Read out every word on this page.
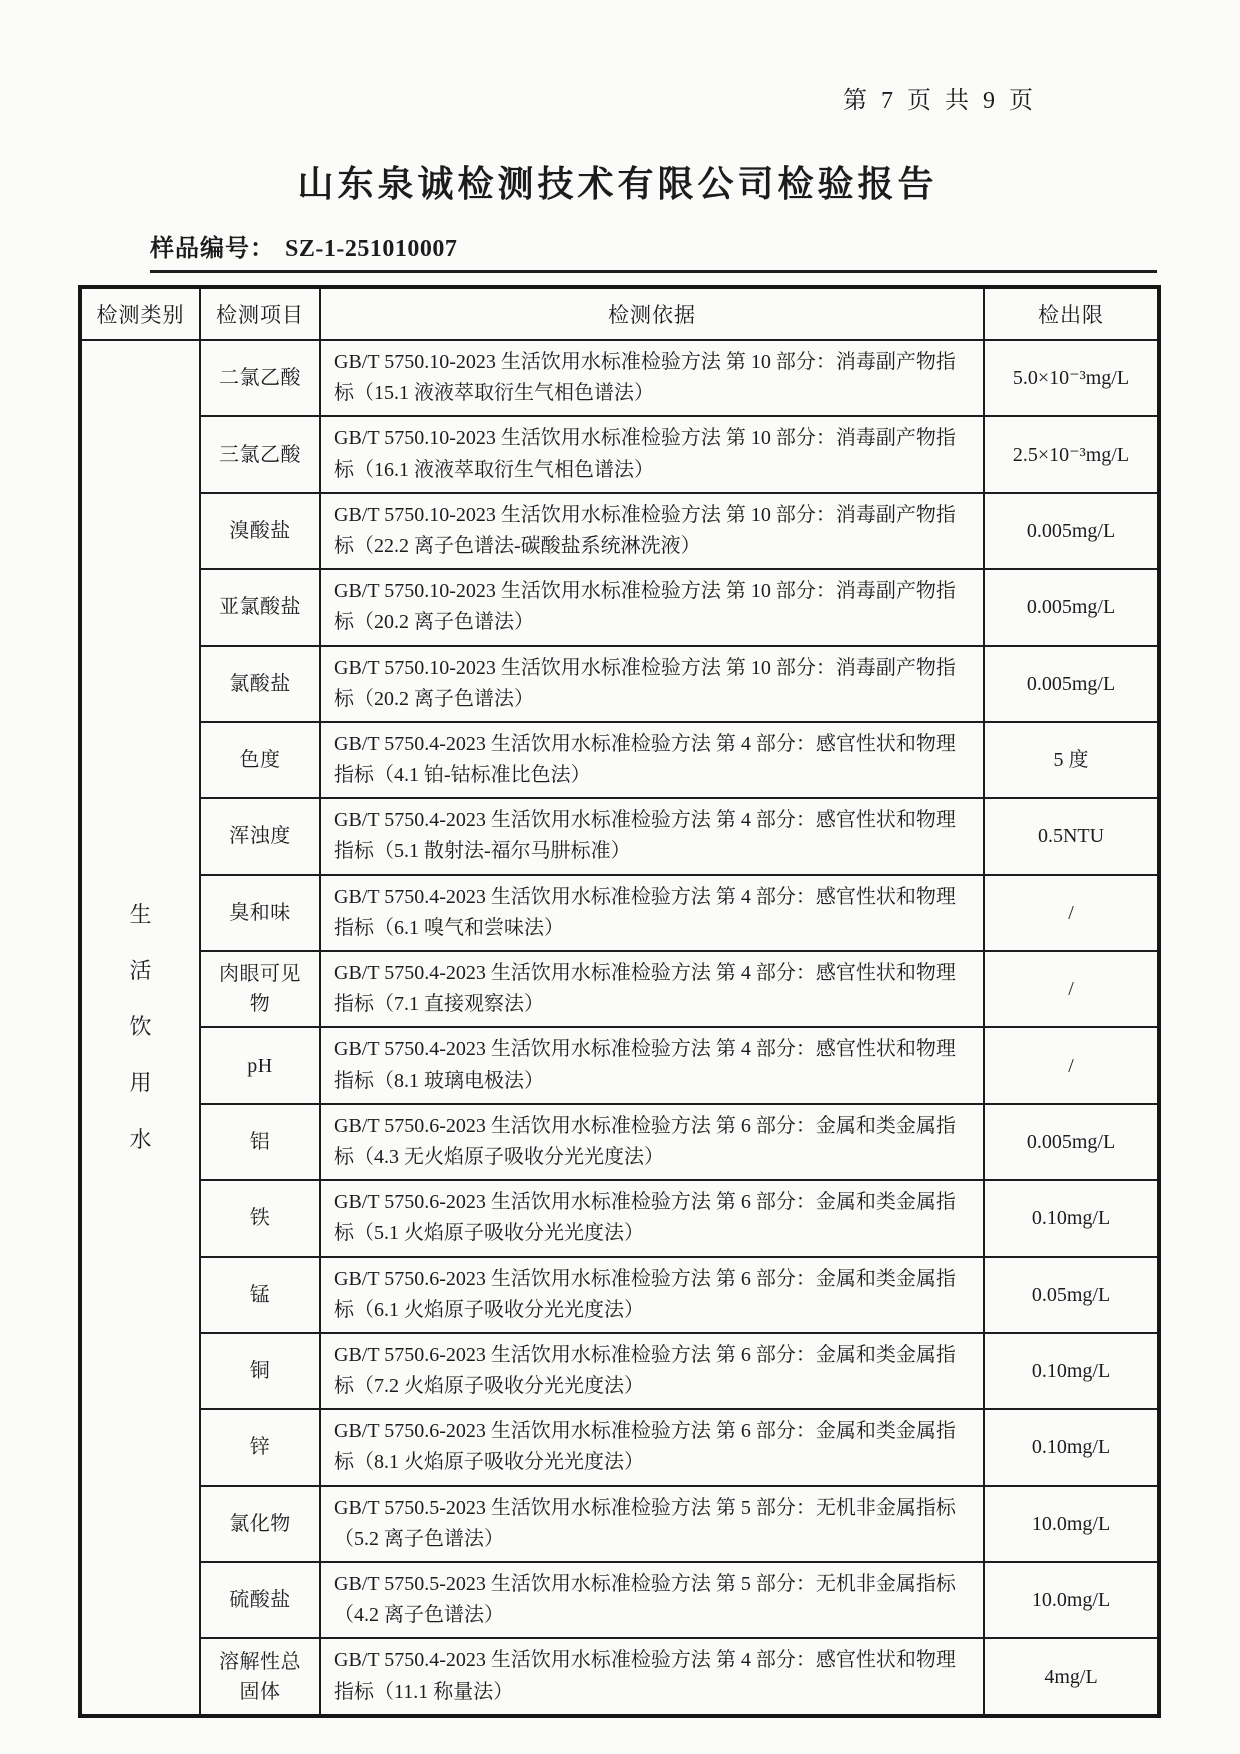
第 7 页 共 9 页
山东泉诚检测技术有限公司检验报告
样品编号： SZ-1-251010007
检测类别	检测项目	检测依据	检出限

生活饮用水	二氯乙酸	GB/T 5750.10-2023 生活饮用水标准检验方法 第 10 部分：消毒副产物指标（15.1 液液萃取衍生气相色谱法）	5.0×10⁻³mg/L
	三氯乙酸	GB/T 5750.10-2023 生活饮用水标准检验方法 第 10 部分：消毒副产物指标（16.1 液液萃取衍生气相色谱法）	2.5×10⁻³mg/L
	溴酸盐	GB/T 5750.10-2023 生活饮用水标准检验方法 第 10 部分：消毒副产物指标（22.2 离子色谱法-碳酸盐系统淋洗液）	0.005mg/L
	亚氯酸盐	GB/T 5750.10-2023 生活饮用水标准检验方法 第 10 部分：消毒副产物指标（20.2 离子色谱法）	0.005mg/L
	氯酸盐	GB/T 5750.10-2023 生活饮用水标准检验方法 第 10 部分：消毒副产物指标（20.2 离子色谱法）	0.005mg/L
	色度	GB/T 5750.4-2023 生活饮用水标准检验方法 第 4 部分：感官性状和物理指标（4.1 铂-钴标准比色法）	5 度
	浑浊度	GB/T 5750.4-2023 生活饮用水标准检验方法 第 4 部分：感官性状和物理指标（5.1 散射法-福尔马肼标准）	0.5NTU
	臭和味	GB/T 5750.4-2023 生活饮用水标准检验方法 第 4 部分：感官性状和物理指标（6.1 嗅气和尝味法）	/
	肉眼可见物	GB/T 5750.4-2023 生活饮用水标准检验方法 第 4 部分：感官性状和物理指标（7.1 直接观察法）	/
	pH	GB/T 5750.4-2023 生活饮用水标准检验方法 第 4 部分：感官性状和物理指标（8.1 玻璃电极法）	/
	铝	GB/T 5750.6-2023 生活饮用水标准检验方法 第 6 部分：金属和类金属指标（4.3 无火焰原子吸收分光光度法）	0.005mg/L
	铁	GB/T 5750.6-2023 生活饮用水标准检验方法 第 6 部分：金属和类金属指标（5.1 火焰原子吸收分光光度法）	0.10mg/L
	锰	GB/T 5750.6-2023 生活饮用水标准检验方法 第 6 部分：金属和类金属指标（6.1 火焰原子吸收分光光度法）	0.05mg/L
	铜	GB/T 5750.6-2023 生活饮用水标准检验方法 第 6 部分：金属和类金属指标（7.2 火焰原子吸收分光光度法）	0.10mg/L
	锌	GB/T 5750.6-2023 生活饮用水标准检验方法 第 6 部分：金属和类金属指标（8.1 火焰原子吸收分光光度法）	0.10mg/L
	氯化物	GB/T 5750.5-2023 生活饮用水标准检验方法 第 5 部分：无机非金属指标（5.2 离子色谱法）	10.0mg/L
	硫酸盐	GB/T 5750.5-2023 生活饮用水标准检验方法 第 5 部分：无机非金属指标（4.2 离子色谱法）	10.0mg/L
	溶解性总固体	GB/T 5750.4-2023 生活饮用水标准检验方法 第 4 部分：感官性状和物理指标（11.1 称量法）	4mg/L
